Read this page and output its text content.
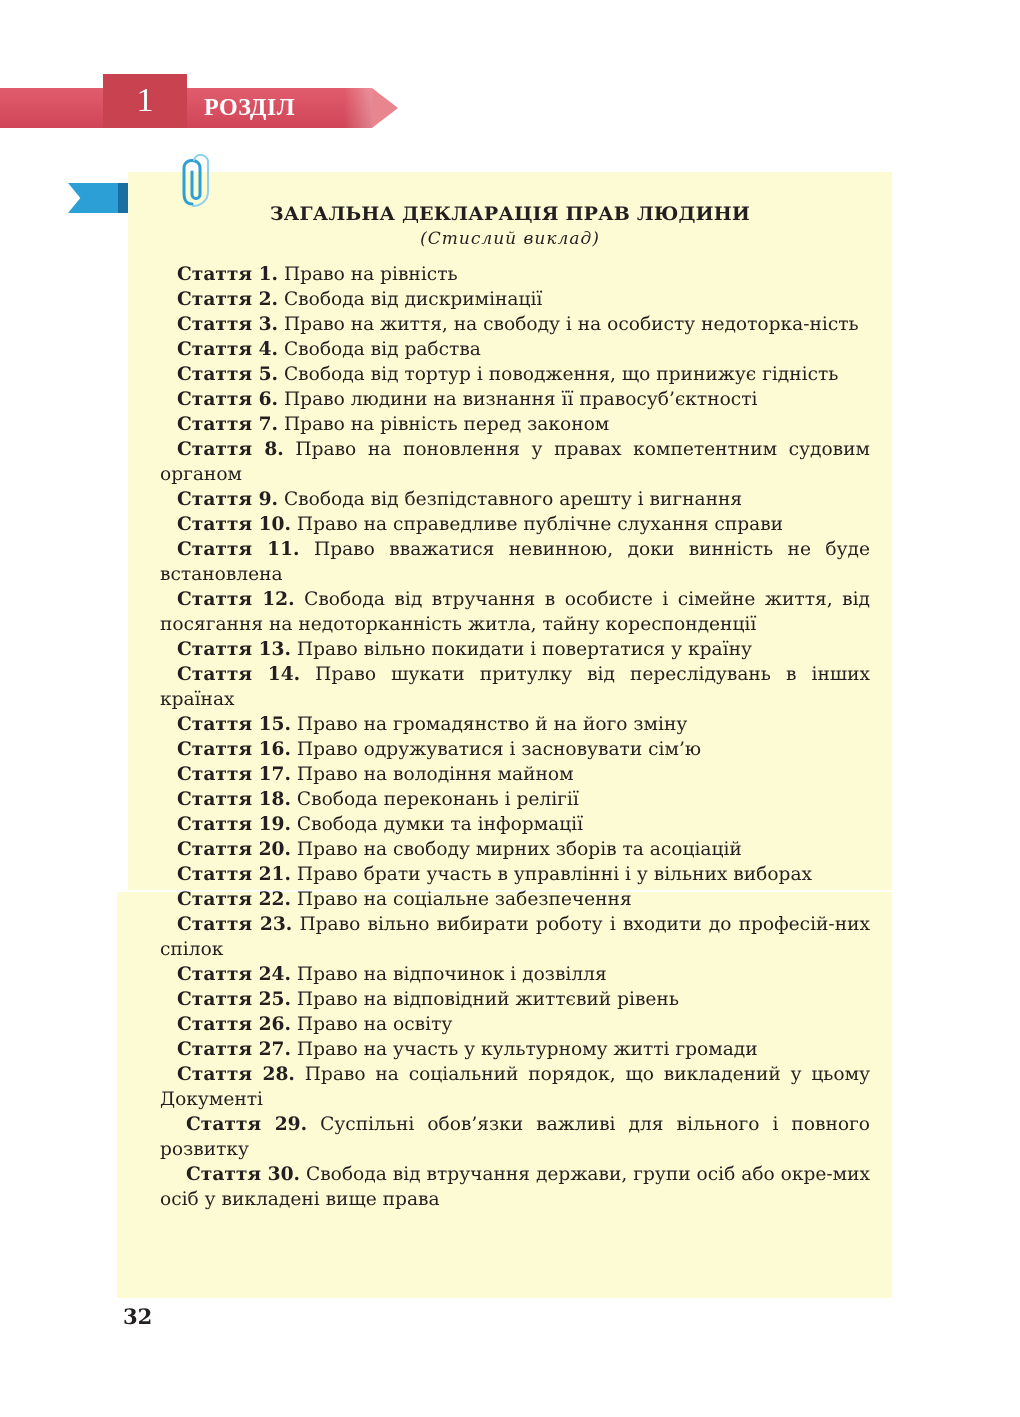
1	РОЗДІЛ
ЗАГАЛЬНА ДЕКЛАРАЦІЯ ПРАВ ЛЮДИНИ
(Стислий виклад)

Стаття 1. Право на рівність

Стаття 2. Свобода від дискримінації

Стаття 3. Право на життя, на свободу і на особисту недоторка-ність

Стаття 4. Свобода від рабства

Стаття 5. Свобода від тортур і поводження, що принижує гідність

Стаття 6. Право людини на визнання її правосуб’єктності

Стаття 7. Право на рівність перед законом

Стаття 8. Право на поновлення у правах компетентним судовим органом

Стаття 9. Свобода від безпідставного арешту і вигнання

Стаття 10. Право на справедливе публічне слухання справи

Стаття 11. Право вважатися невинною, доки винність не буде встановлена

Стаття 12. Свобода від втручання в особисте і сімейне життя, від посягання на недоторканність житла, тайну кореспонденції

Стаття 13. Право вільно покидати і повертатися у країну

Стаття 14. Право шукати притулку від переслідувань в інших країнах

Стаття 15. Право на громадянство й на його зміну

Стаття 16. Право одружуватися і засновувати сім’ю

Стаття 17. Право на володіння майном

Стаття 18. Свобода переконань і релігії

Стаття 19. Свобода думки та інформації

Стаття 20. Право на свободу мирних зборів та асоціацій

Стаття 21. Право брати участь в управлінні і у вільних виборах

Стаття 22. Право на соціальне забезпечення

Стаття 23. Право вільно вибирати роботу і входити до професій-них спілок

Стаття 24. Право на відпочинок і дозвілля

Стаття 25. Право на відповідний життєвий рівень

Стаття 26. Право на освіту

Стаття 27. Право на участь у культурному житті громади

Стаття 28. Право на соціальний порядок, що викладений у цьому Документі

Стаття 29. Суспільні обов’язки важливі для вільного і повного розвитку

Стаття 30. Свобода від втручання держави, групи осіб або окре-мих осіб у викладені вище права

32
